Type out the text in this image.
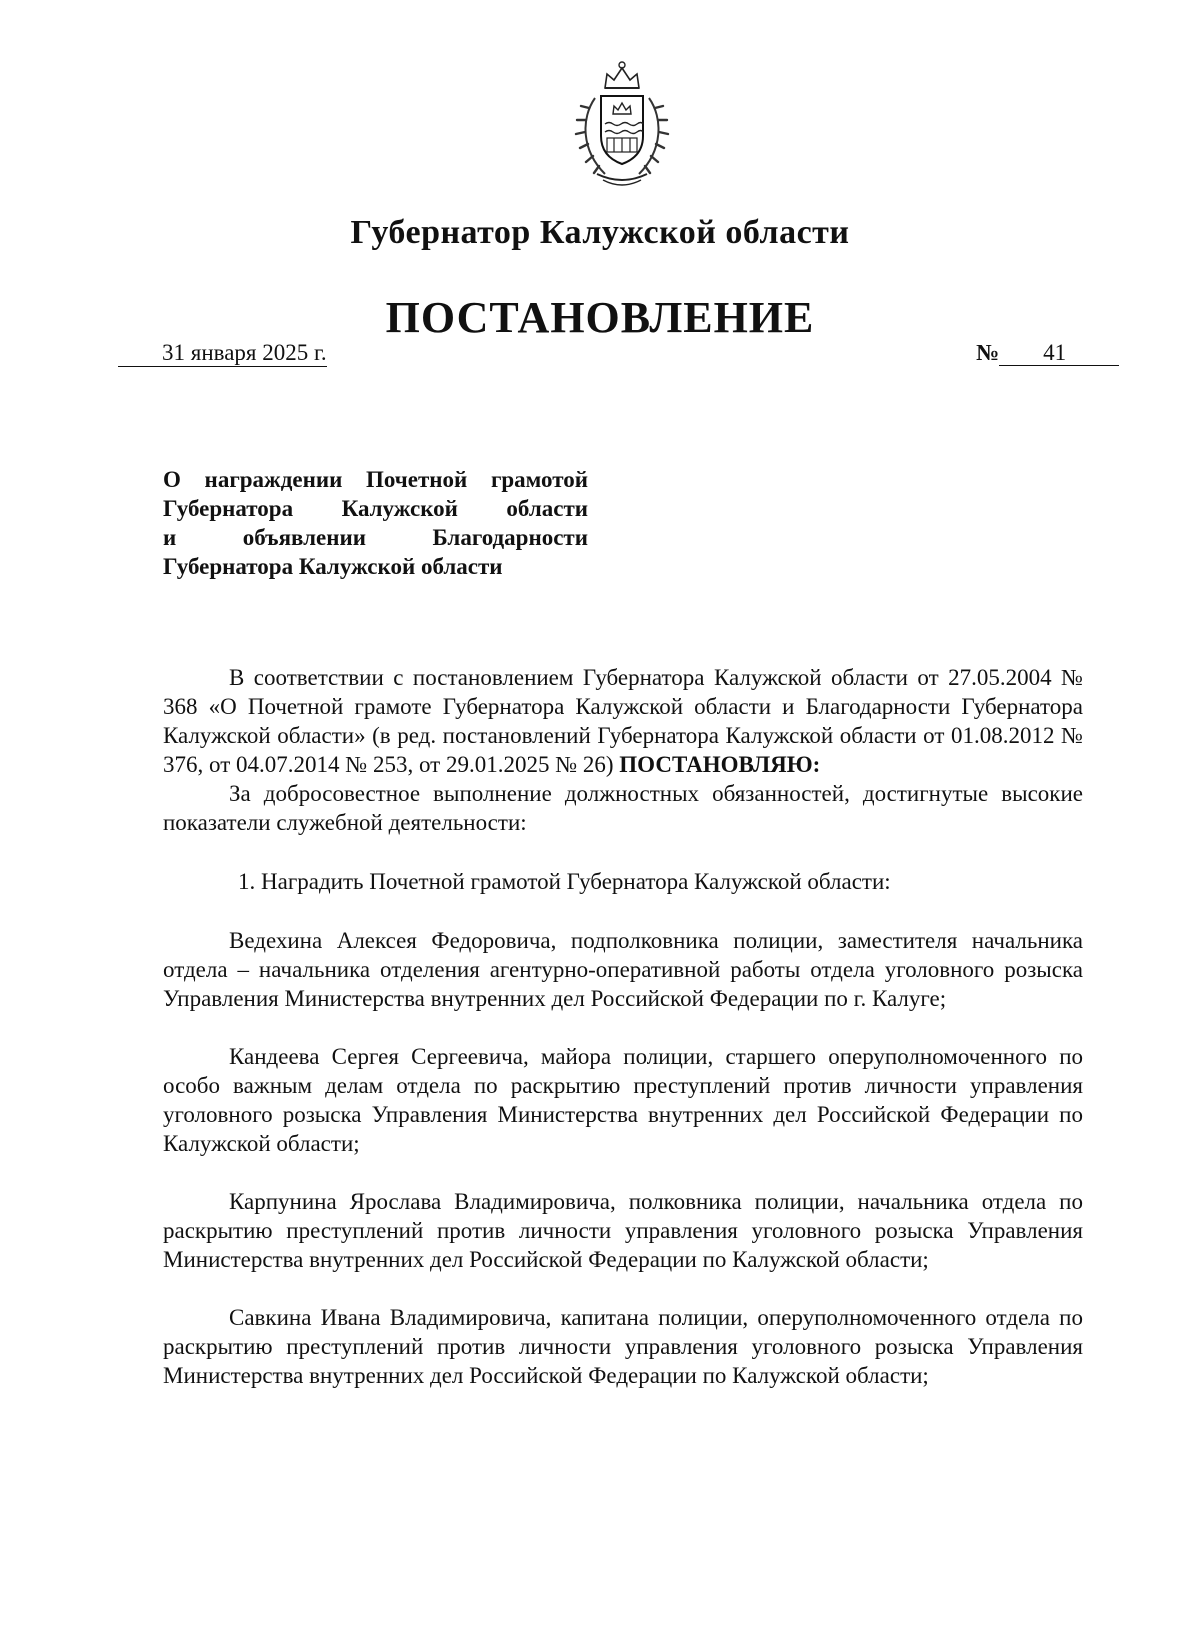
Губернатор Калужской области
ПОСТАНОВЛЕНИЕ
31 января 2025 г.	№ 41
О награждении Почетной грамотой
Губернатора Калужской области
и объявлении Благодарности
Губернатора Калужской области

В соответствии с постановлением Губернатора Калужской области от 27.05.2004 № 368 «О Почетной грамоте Губернатора Калужской области и Благодарности Губернатора Калужской области» (в ред. постановлений Губернатора Калужской области от 01.08.2012 № 376, от 04.07.2014 № 253, от 29.01.2025 № 26) ПОСТАНОВЛЯЮ:

За добросовестное выполнение должностных обязанностей, достигнутые высокие показатели служебной деятельности:

1. Наградить Почетной грамотой Губернатора Калужской области:

Ведехина Алексея Федоровича, подполковника полиции, заместителя начальника отдела – начальника отделения агентурно-оперативной работы отдела уголовного розыска Управления Министерства внутренних дел Российской Федерации по г. Калуге;

Кандеева Сергея Сергеевича, майора полиции, старшего оперуполномоченного по особо важным делам отдела по раскрытию преступлений против личности управления уголовного розыска Управления Министерства внутренних дел Российской Федерации по Калужской области;

Карпунина Ярослава Владимировича, полковника полиции, начальника отдела по раскрытию преступлений против личности управления уголовного розыска Управления Министерства внутренних дел Российской Федерации по Калужской области;

Савкина Ивана Владимировича, капитана полиции, оперуполномоченного отдела по раскрытию преступлений против личности управления уголовного розыска Управления Министерства внутренних дел Российской Федерации по Калужской области;
